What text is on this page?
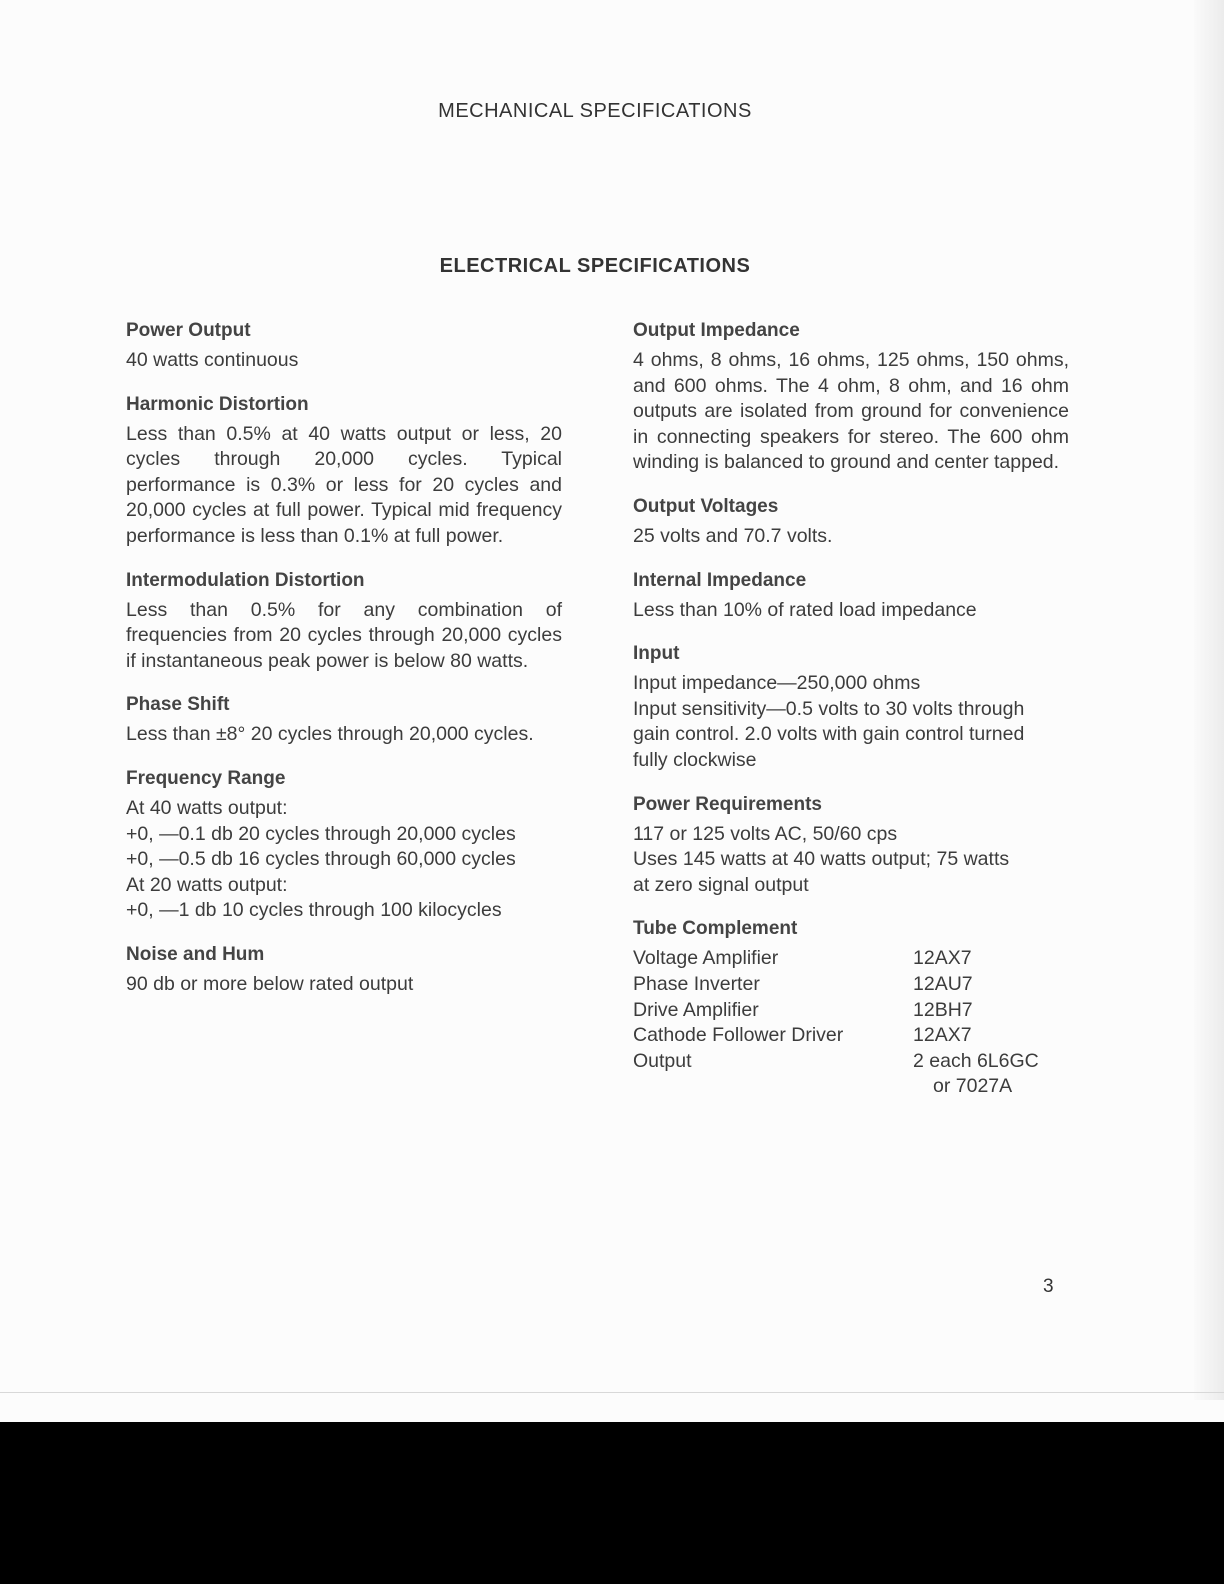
MECHANICAL SPECIFICATIONS
ELECTRICAL SPECIFICATIONS
Power Output
40 watts continuous
Harmonic Distortion
Less than 0.5% at 40 watts output or less, 20 cycles through 20,000 cycles. Typical performance is 0.3% or less for 20 cycles and 20,000 cycles at full power. Typical mid frequency performance is less than 0.1% at full power.
Intermodulation Distortion
Less than 0.5% for any combination of frequencies from 20 cycles through 20,000 cycles if instantaneous peak power is below 80 watts.
Phase Shift
Less than ±8° 20 cycles through 20,000 cycles.
Frequency Range
At 40 watts output:
+0, —0.1 db 20 cycles through 20,000 cycles
+0, —0.5 db 16 cycles through 60,000 cycles
At 20 watts output:
+0, —1 db 10 cycles through 100 kilocycles
Noise and Hum
90 db or more below rated output
Output Impedance
4 ohms, 8 ohms, 16 ohms, 125 ohms, 150 ohms, and 600 ohms. The 4 ohm, 8 ohm, and 16 ohm outputs are isolated from ground for convenience in connecting speakers for stereo. The 600 ohm winding is balanced to ground and center tapped.
Output Voltages
25 volts and 70.7 volts.
Internal Impedance
Less than 10% of rated load impedance
Input
Input impedance—250,000 ohms
Input sensitivity—0.5 volts to 30 volts through
gain control. 2.0 volts with gain control turned
fully clockwise
Power Requirements
117 or 125 volts AC, 50/60 cps
Uses 145 watts at 40 watts output; 75 watts
at zero signal output
Tube Complement
Voltage Amplifier	12AX7
Phase Inverter	12AU7
Drive Amplifier	12BH7
Cathode Follower Driver	12AX7
Output	2 each 6L6GC
	or 7027A
3
